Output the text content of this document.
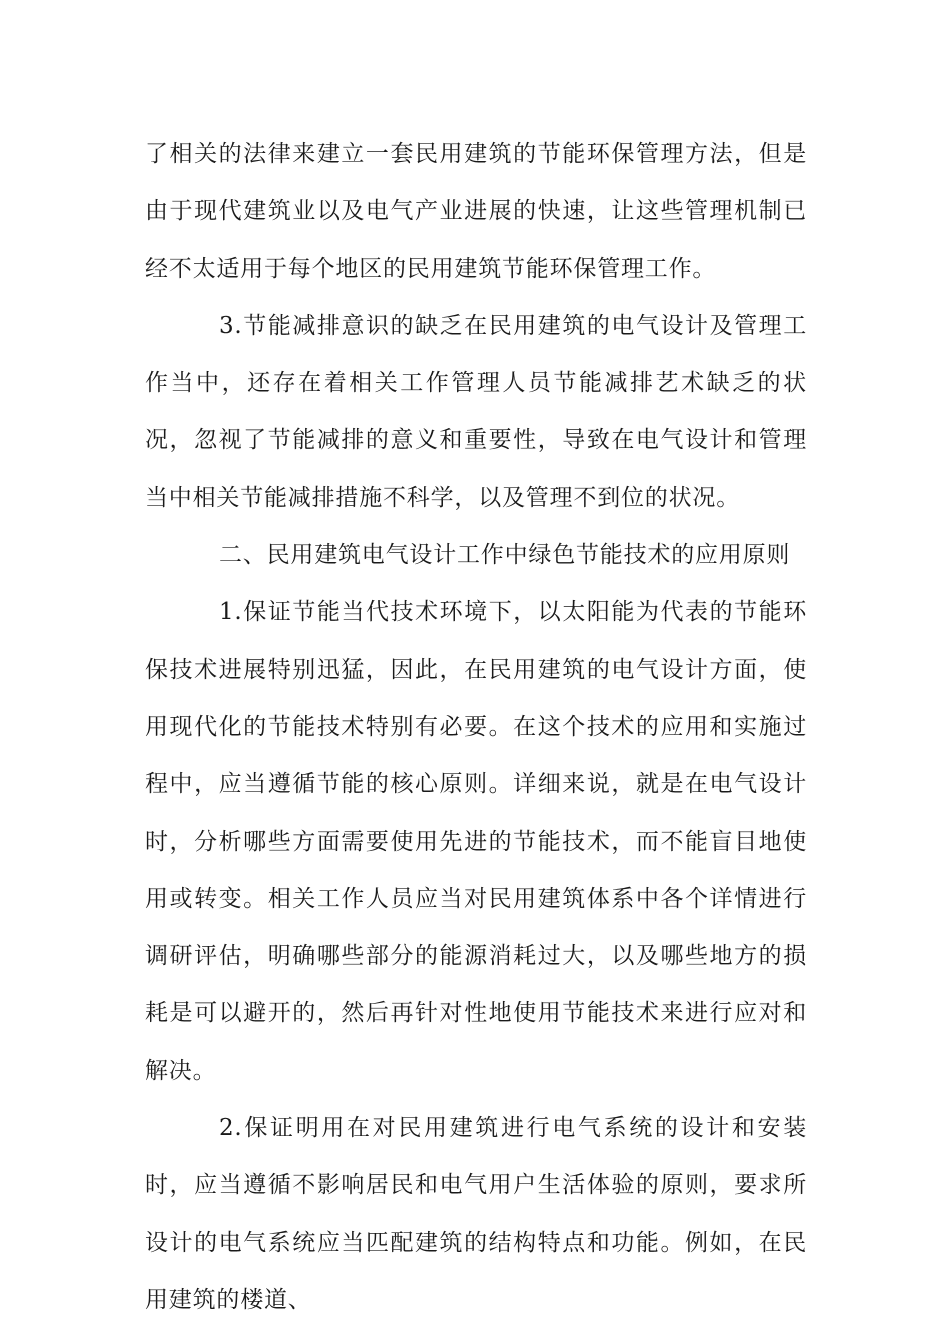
了相关的法律来建立一套民用建筑的节能环保管理方法，但是由于现代建筑业以及电气产业进展的快速，让这些管理机制已经不太适用于每个地区的民用建筑节能环保管理工作。

3.节能减排意识的缺乏在民用建筑的电气设计及管理工作当中，还存在着相关工作管理人员节能减排艺术缺乏的状况，忽视了节能减排的意义和重要性，导致在电气设计和管理当中相关节能减排措施不科学，以及管理不到位的状况。

二、民用建筑电气设计工作中绿色节能技术的应用原则

1.保证节能当代技术环境下，以太阳能为代表的节能环保技术进展特别迅猛，因此，在民用建筑的电气设计方面，使用现代化的节能技术特别有必要。在这个技术的应用和实施过程中，应当遵循节能的核心原则。详细来说，就是在电气设计时，分析哪些方面需要使用先进的节能技术，而不能盲目地使用或转变。相关工作人员应当对民用建筑体系中各个详情进行调研评估，明确哪些部分的能源消耗过大，以及哪些地方的损耗是可以避开的，然后再针对性地使用节能技术来进行应对和解决。

2.保证明用在对民用建筑进行电气系统的设计和安装时，应当遵循不影响居民和电气用户生活体验的原则，要求所设计的电气系统应当匹配建筑的结构特点和功能。例如，在民用建筑的楼道、
